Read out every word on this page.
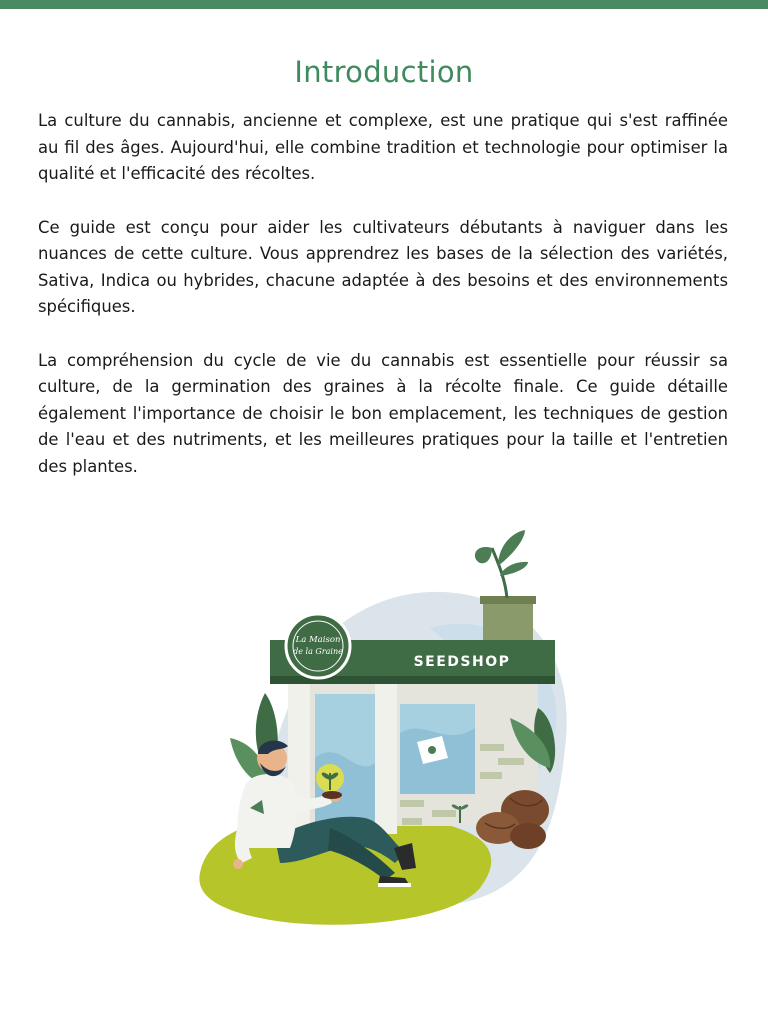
Introduction

La culture du cannabis, ancienne et complexe, est une pratique qui s'est raffinée au fil des âges. Aujourd'hui, elle combine tradition et technologie pour optimiser la qualité et l'efficacité des récoltes.

Ce guide est conçu pour aider les cultivateurs débutants à naviguer dans les nuances de cette culture. Vous apprendrez les bases de la sélection des variétés, Sativa, Indica ou hybrides, chacune adaptée à des besoins et des environnements spécifiques.

La compréhension du cycle de vie du cannabis est essentielle pour réussir sa culture, de la germination des graines à la récolte finale. Ce guide détaille également l'importance de choisir le bon emplacement, les techniques de gestion de l'eau et des nutriments, et les meilleures pratiques pour la taille et l'entretien des plantes.

SEEDSHOP
La Maison
de la Graine
